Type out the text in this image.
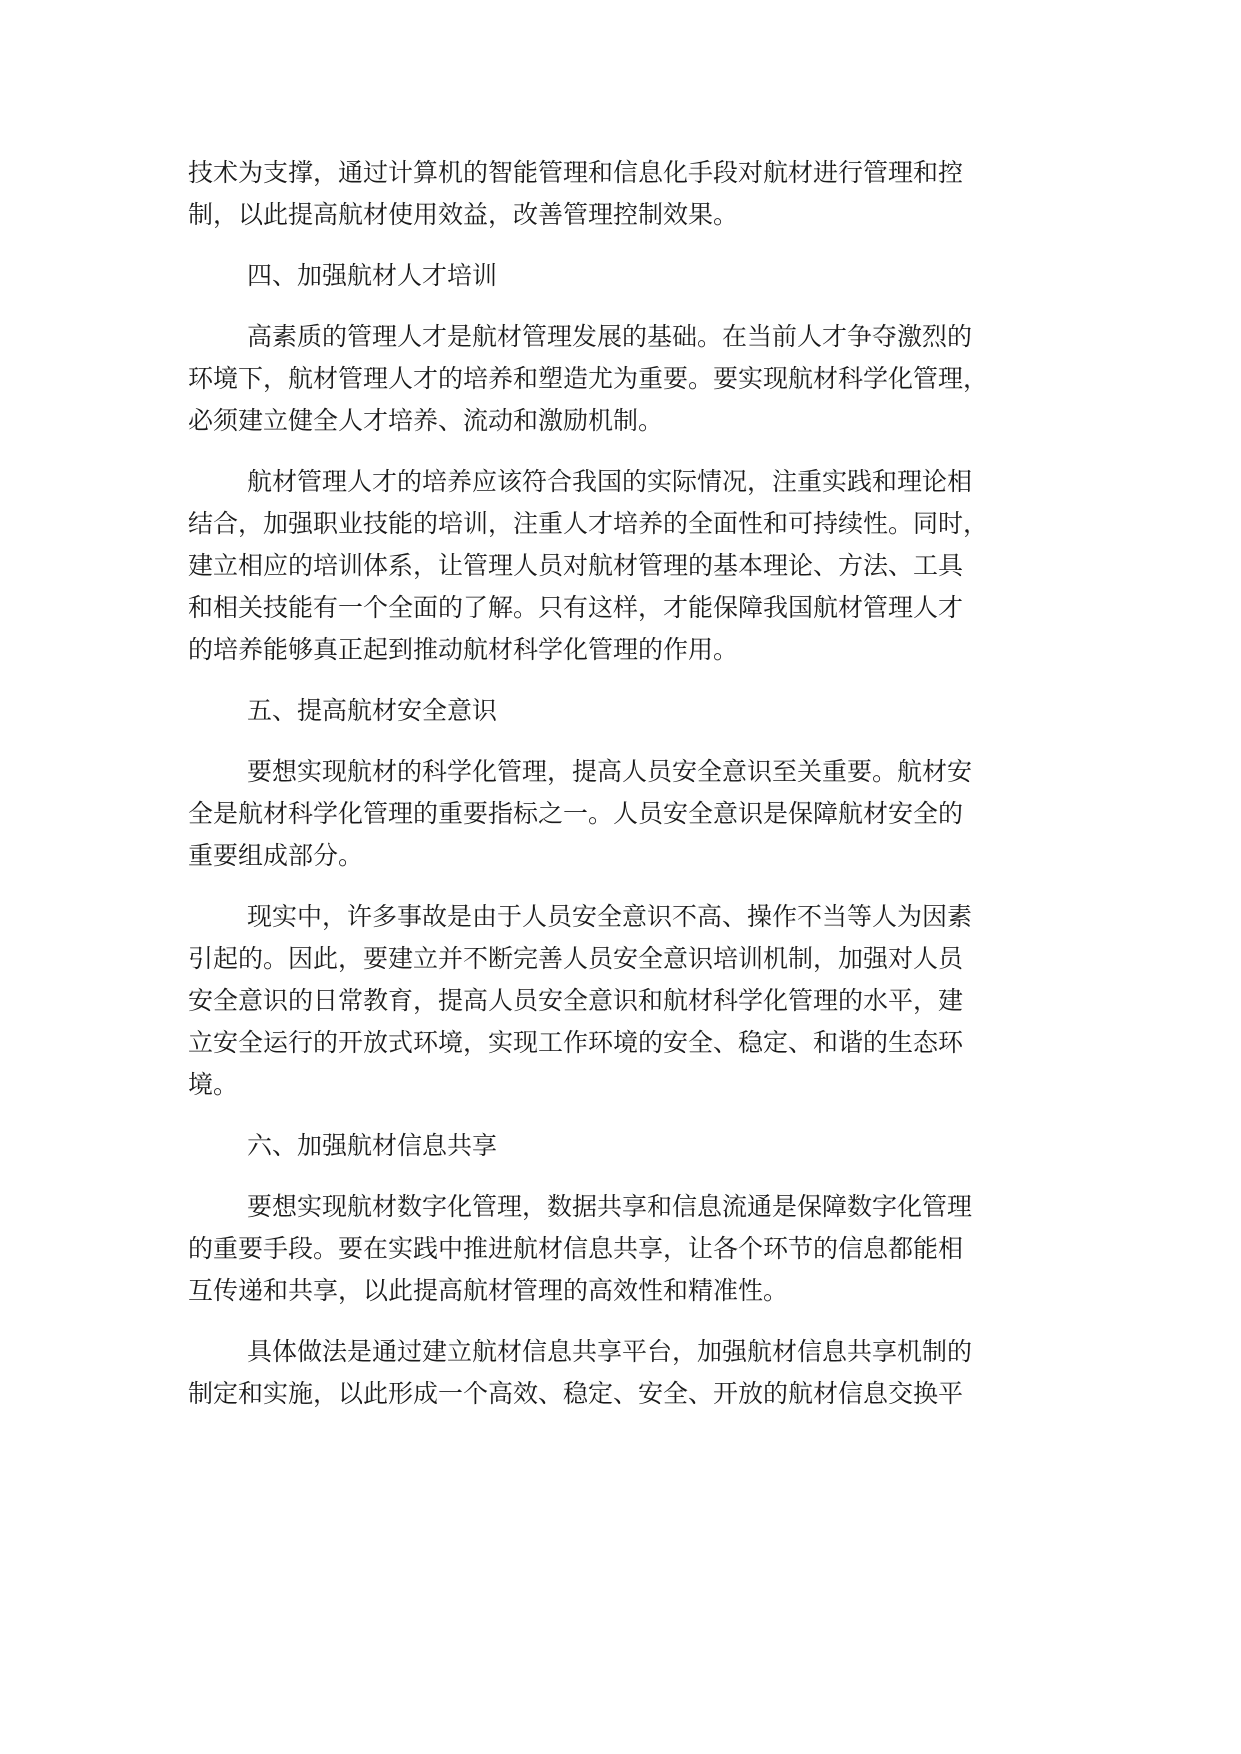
技术为支撑，通过计算机的智能管理和信息化手段对航材进行管理和控
制，以此提高航材使用效益，改善管理控制效果。

四、加强航材人才培训

高素质的管理人才是航材管理发展的基础。在当前人才争夺激烈的
环境下，航材管理人才的培养和塑造尤为重要。要实现航材科学化管理，
必须建立健全人才培养、流动和激励机制。

航材管理人才的培养应该符合我国的实际情况，注重实践和理论相
结合，加强职业技能的培训，注重人才培养的全面性和可持续性。同时，
建立相应的培训体系，让管理人员对航材管理的基本理论、方法、工具
和相关技能有一个全面的了解。只有这样，才能保障我国航材管理人才
的培养能够真正起到推动航材科学化管理的作用。

五、提高航材安全意识

要想实现航材的科学化管理，提高人员安全意识至关重要。航材安
全是航材科学化管理的重要指标之一。人员安全意识是保障航材安全的
重要组成部分。

现实中，许多事故是由于人员安全意识不高、操作不当等人为因素
引起的。因此，要建立并不断完善人员安全意识培训机制，加强对人员
安全意识的日常教育，提高人员安全意识和航材科学化管理的水平，建
立安全运行的开放式环境，实现工作环境的安全、稳定、和谐的生态环
境。

六、加强航材信息共享

要想实现航材数字化管理，数据共享和信息流通是保障数字化管理
的重要手段。要在实践中推进航材信息共享，让各个环节的信息都能相
互传递和共享，以此提高航材管理的高效性和精准性。

具体做法是通过建立航材信息共享平台，加强航材信息共享机制的
制定和实施，以此形成一个高效、稳定、安全、开放的航材信息交换平
